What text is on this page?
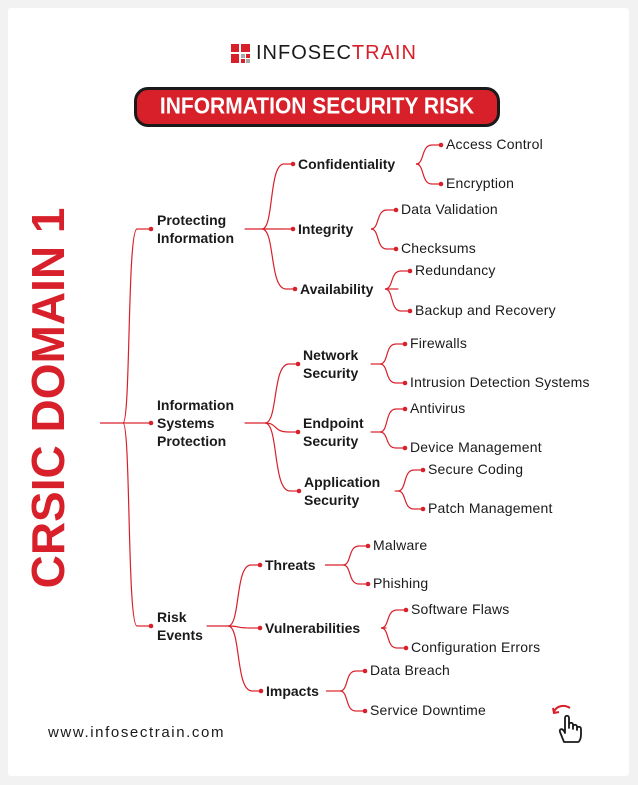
INFOSECTRAIN
INFORMATION SECURITY RISK
CRSIC DOMAIN 1	Protecting
Information
Confidentiality
Access Control
Encryption
Integrity
Data Validation
Checksums
Availability
Redundancy
Backup and Recovery
Information
Systems
Protection
Network
Security
Firewalls
Intrusion Detection Systems
Endpoint
Security
Antivirus
Device Management
Application
Security
Secure Coding
Patch Management
Risk
Events
Threats
Malware
Phishing
Vulnerabilities
Software Flaws
Configuration Errors
Impacts
Data Breach
Service Downtime
www.infosectrain.com
